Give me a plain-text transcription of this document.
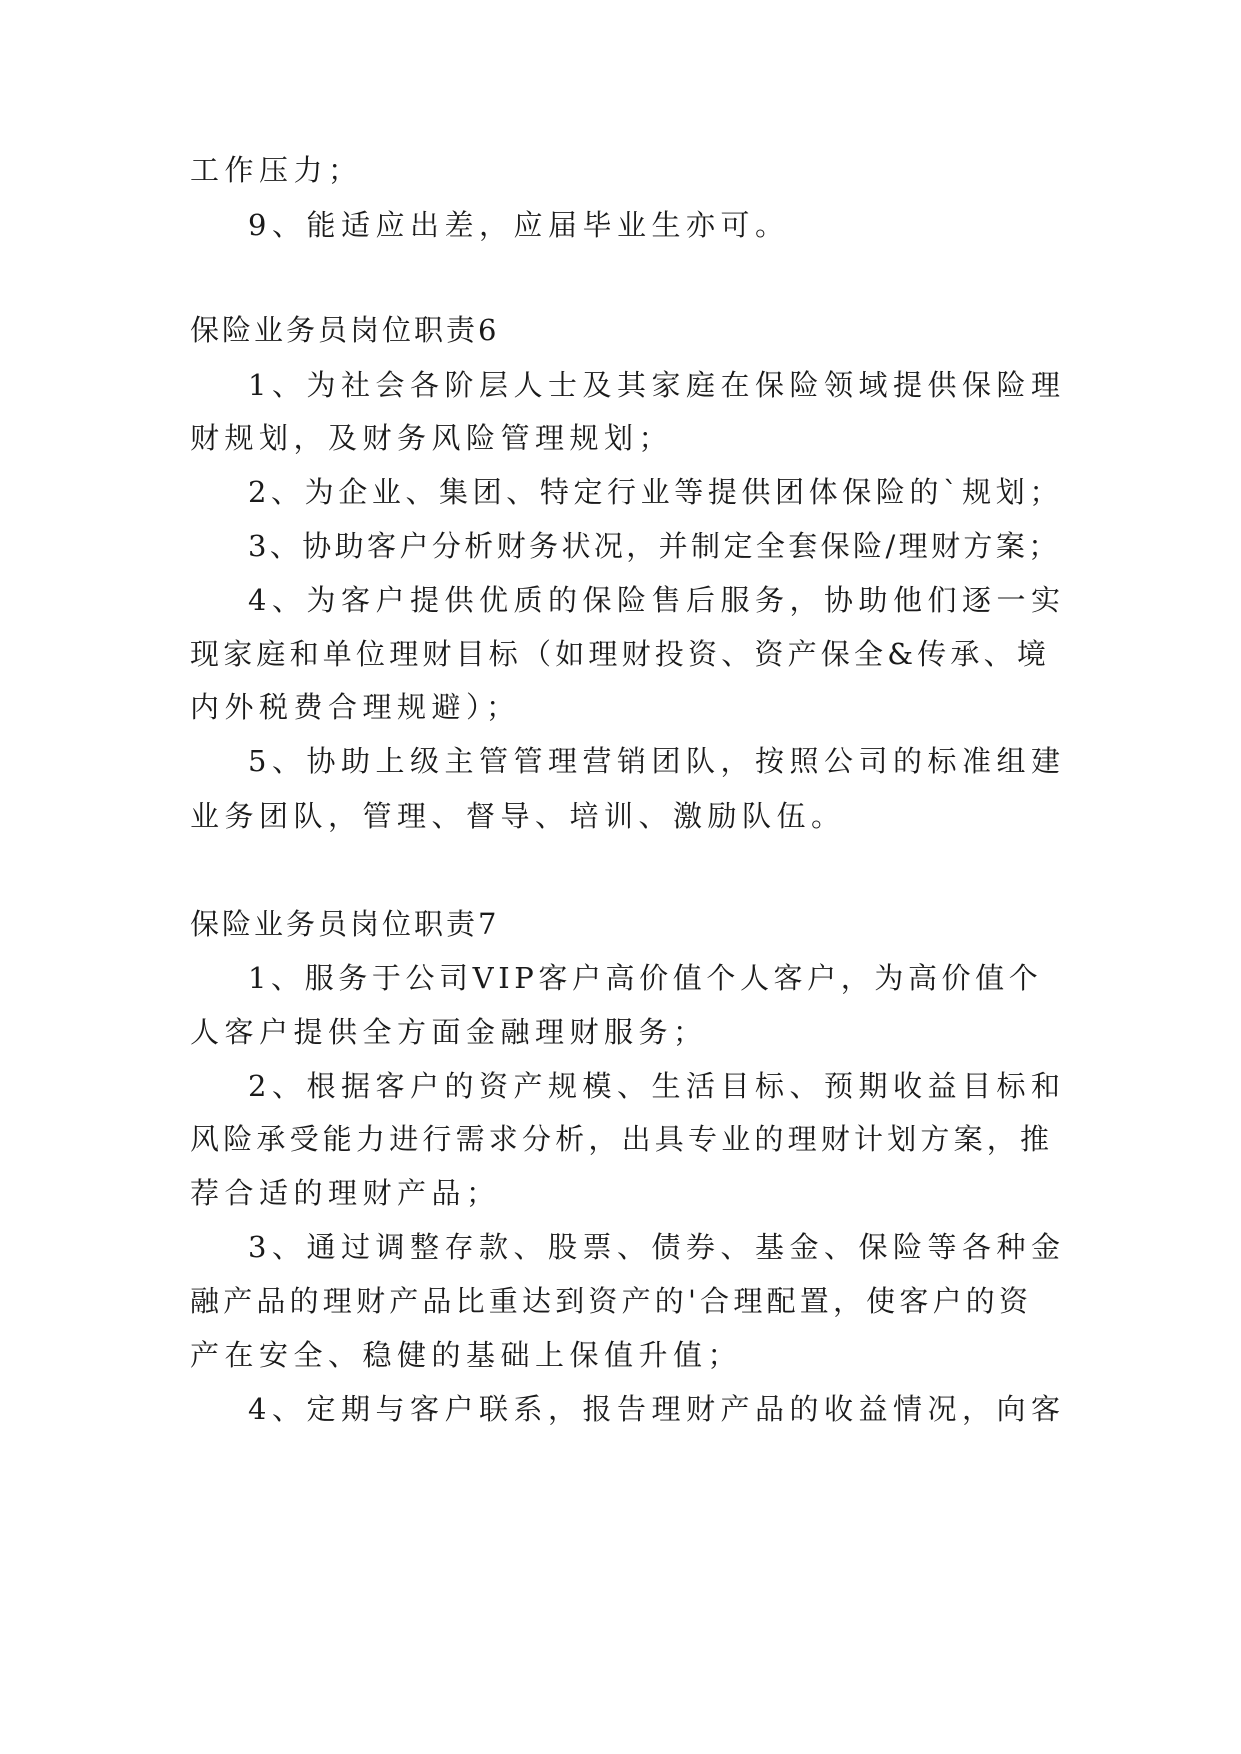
工作压力；
9、能适应出差，应届毕业生亦可。
保险业务员岗位职责6
1、为社会各阶层人士及其家庭在保险领域提供保险理
财规划，及财务风险管理规划；
2、为企业、集团、特定行业等提供团体保险的`规划；
3、协助客户分析财务状况，并制定全套保险/理财方案；
4、为客户提供优质的保险售后服务，协助他们逐一实
现家庭和单位理财目标（如理财投资、资产保全&传承、境
内外税费合理规避）；
5、协助上级主管管理营销团队，按照公司的标准组建
业务团队，管理、督导、培训、激励队伍。
保险业务员岗位职责7
1、服务于公司VIP客户高价值个人客户，为高价值个
人客户提供全方面金融理财服务；
2、根据客户的资产规模、生活目标、预期收益目标和
风险承受能力进行需求分析，出具专业的理财计划方案，推
荐合适的理财产品；
3、通过调整存款、股票、债券、基金、保险等各种金
融产品的理财产品比重达到资产的'合理配置，使客户的资
产在安全、稳健的基础上保值升值；
4、定期与客户联系，报告理财产品的收益情况，向客
